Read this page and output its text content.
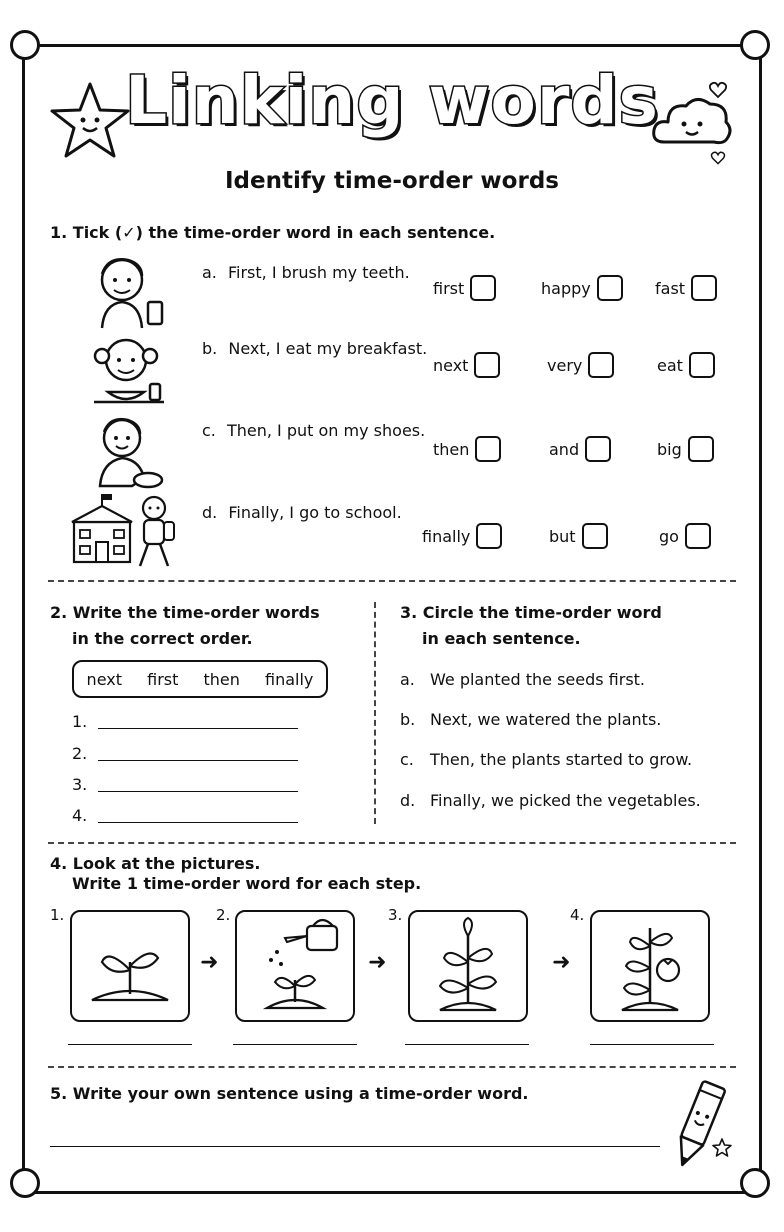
Linking words
Identify time-order words
1. Tick (✓) the time-order word in each sentence.
a. First, I brush my teeth.
first	happy	fast
b. Next, I eat my breakfast.
next	very	eat
c. Then, I put on my shoes.
then	and	big
d. Finally, I go to school.
finally	but	go
2. Write the time-order words
in the correct order.
next first then finally
1.
2.
3.
4.
3. Circle the time-order word
in each sentence.
a. We planted the seeds first.
b. Next, we watered the plants.
c. Then, the plants started to grow.
d. Finally, we picked the vegetables.
4. Look at the pictures.
Write 1 time-order word for each step.
1.
➜
2.
➜
3.
➜
4.
5. Write your own sentence using a time-order word.
